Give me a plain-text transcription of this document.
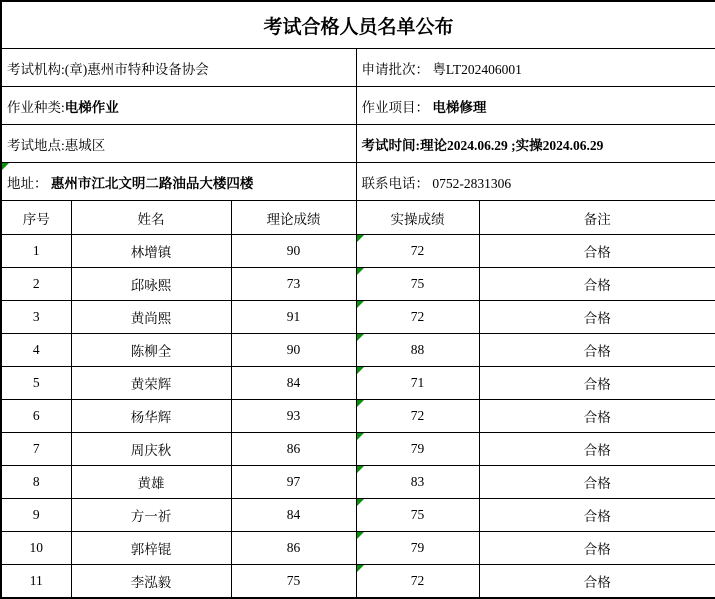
考试合格人员名单公布				
考试机构:(章)惠州市特种设备协会			申请批次： 粤LT202406001	
作业种类:电梯作业			作业项目： 电梯修理	
考试地点:惠城区			考试时间:理论2024.06.29 ;实操2024.06.29	

地址： 惠州市江北文明二路油品大楼四楼			联系电话： 0752-2831306	
序号	姓名	理论成绩	实操成绩	备注
1	林增镇	90	72	合格
2	邱咏熙	73	75	合格
3	黄尚熙	91	72	合格
4	陈柳全	90	88	合格
5	黄荣辉	84	71	合格
6	杨华辉	93	72	合格
7	周庆秋	86	79	合格
8	黄雄	97	83	合格
9	方一祈	84	75	合格
10	郭梓锟	86	79	合格
11	李泓毅	75	72	合格
